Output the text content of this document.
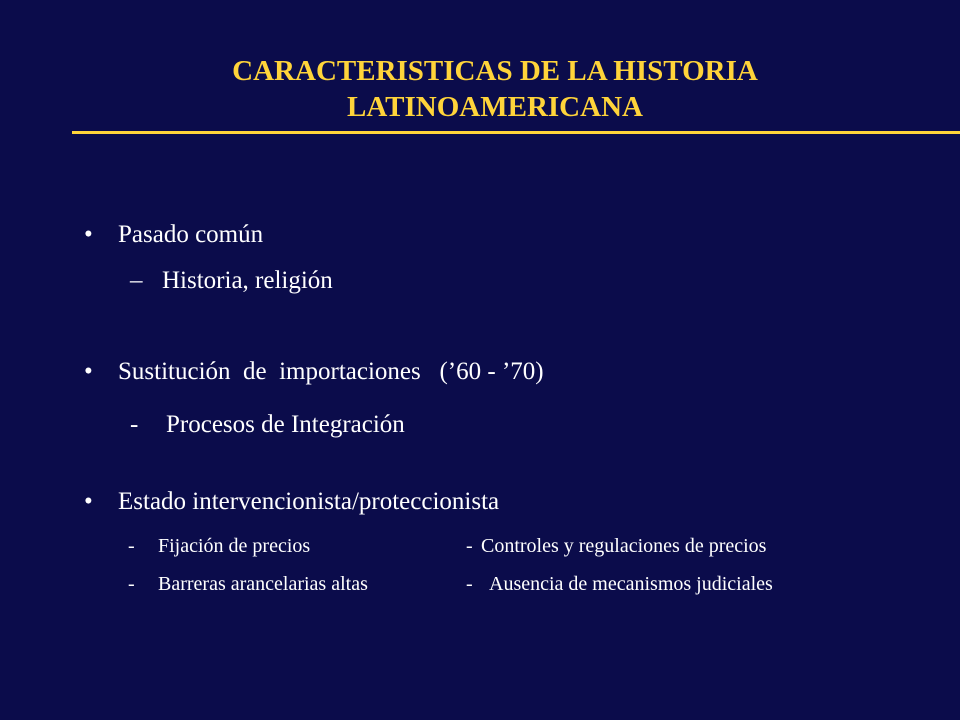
CARACTERISTICAS DE LA HISTORIA
LATINOAMERICANA
• Pasado común
– Historia, religión
• Sustitución  de  importaciones   (’60 - ’70)
- Procesos de Integración
• Estado intervencionista/proteccionista
- Fijación de precios	- Controles y regulaciones de precios
- Barreras arancelarias altas	- Ausencia de mecanismos judiciales
